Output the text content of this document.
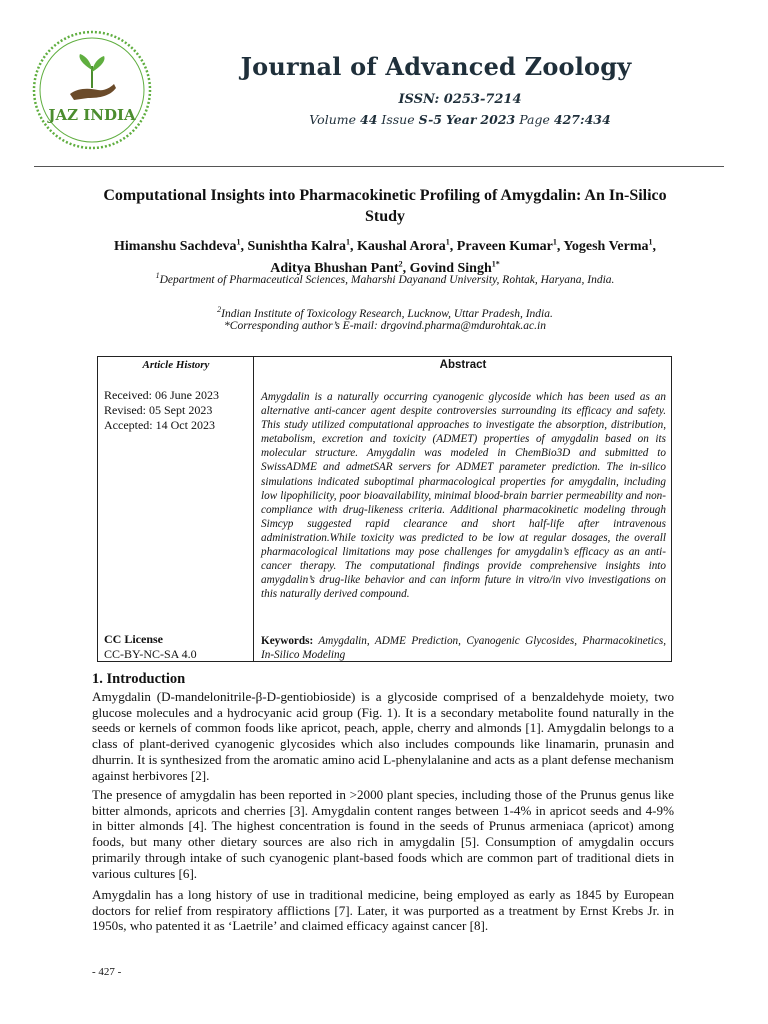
JAZ INDIA
Journal of Advanced Zoology
ISSN: 0253-7214
Volume 44 Issue S-5 Year 2023 Page 427:434
Computational Insights into Pharmacokinetic Profiling of Amygdalin: An In-Silico Study
Himanshu Sachdeva$^1$, Sunishtha Kalra$^1$, Kaushal Arora$^1$, Praveen Kumar$^1$, Yogesh Verma$^1$, Aditya Bhushan Pant$^2$, Govind Singh$^{1*}$
$^1$Department of Pharmaceutical Sciences, Maharshi Dayanand University, Rohtak, Haryana, India.
$^2$Indian Institute of Toxicology Research, Lucknow, Uttar Pradesh, India.
*Corresponding author’s E-mail: drgovind.pharma@mdurohtak.ac.in
Article History
Received: 06 June 2023
Revised: 05 Sept 2023
Accepted: 14 Oct 2023
CC License
CC-BY-NC-SA 4.0
Abstract
Amygdalin is a naturally occurring cyanogenic glycoside which has been used as an alternative anti-cancer agent despite controversies surrounding its efficacy and safety. This study utilized computational approaches to investigate the absorption, distribution, metabolism, excretion and toxicity (ADMET) properties of amygdalin based on its molecular structure. Amygdalin was modeled in ChemBio3D and submitted to SwissADME and admetSAR servers for ADMET parameter prediction. The in-silico simulations indicated suboptimal pharmacological properties for amygdalin, including low lipophilicity, poor bioavailability, minimal blood-brain barrier permeability and non-compliance with drug-likeness criteria. Additional pharmacokinetic modeling through Simcyp suggested rapid clearance and short half-life after intravenous administration.While toxicity was predicted to be low at regular dosages, the overall pharmacological limitations may pose challenges for amygdalin’s efficacy as an anti-cancer therapy. The computational findings provide comprehensive insights into amygdalin’s drug-like behavior and can inform future in vitro/in vivo investigations on this naturally derived compound.
Keywords: Amygdalin, ADME Prediction, Cyanogenic Glycosides, Pharmacokinetics, In-Silico Modeling
1. Introduction
Amygdalin (D-mandelonitrile-β-D-gentiobioside) is a glycoside comprised of a benzaldehyde moiety, two glucose molecules and a hydrocyanic acid group (Fig. 1). It is a secondary metabolite found naturally in the seeds or kernels of common foods like apricot, peach, apple, cherry and almonds [1]. Amygdalin belongs to a class of plant-derived cyanogenic glycosides which also includes compounds like linamarin, prunasin and dhurrin. It is synthesized from the aromatic amino acid L-phenylalanine and acts as a plant defense mechanism against herbivores [2].
The presence of amygdalin has been reported in >2000 plant species, including those of the Prunus genus like bitter almonds, apricots and cherries [3]. Amygdalin content ranges between 1-4% in apricot seeds and 4-9% in bitter almonds [4]. The highest concentration is found in the seeds of Prunus armeniaca (apricot) among foods, but many other dietary sources are also rich in amygdalin [5]. Consumption of amygdalin occurs primarily through intake of such cyanogenic plant-based foods which are common part of traditional diets in various cultures [6].
Amygdalin has a long history of use in traditional medicine, being employed as early as 1845 by European doctors for relief from respiratory afflictions [7]. Later, it was purported as a treatment by Ernst Krebs Jr. in 1950s, who patented it as ‘Laetrile’ and claimed efficacy against cancer [8].
- 427 -
